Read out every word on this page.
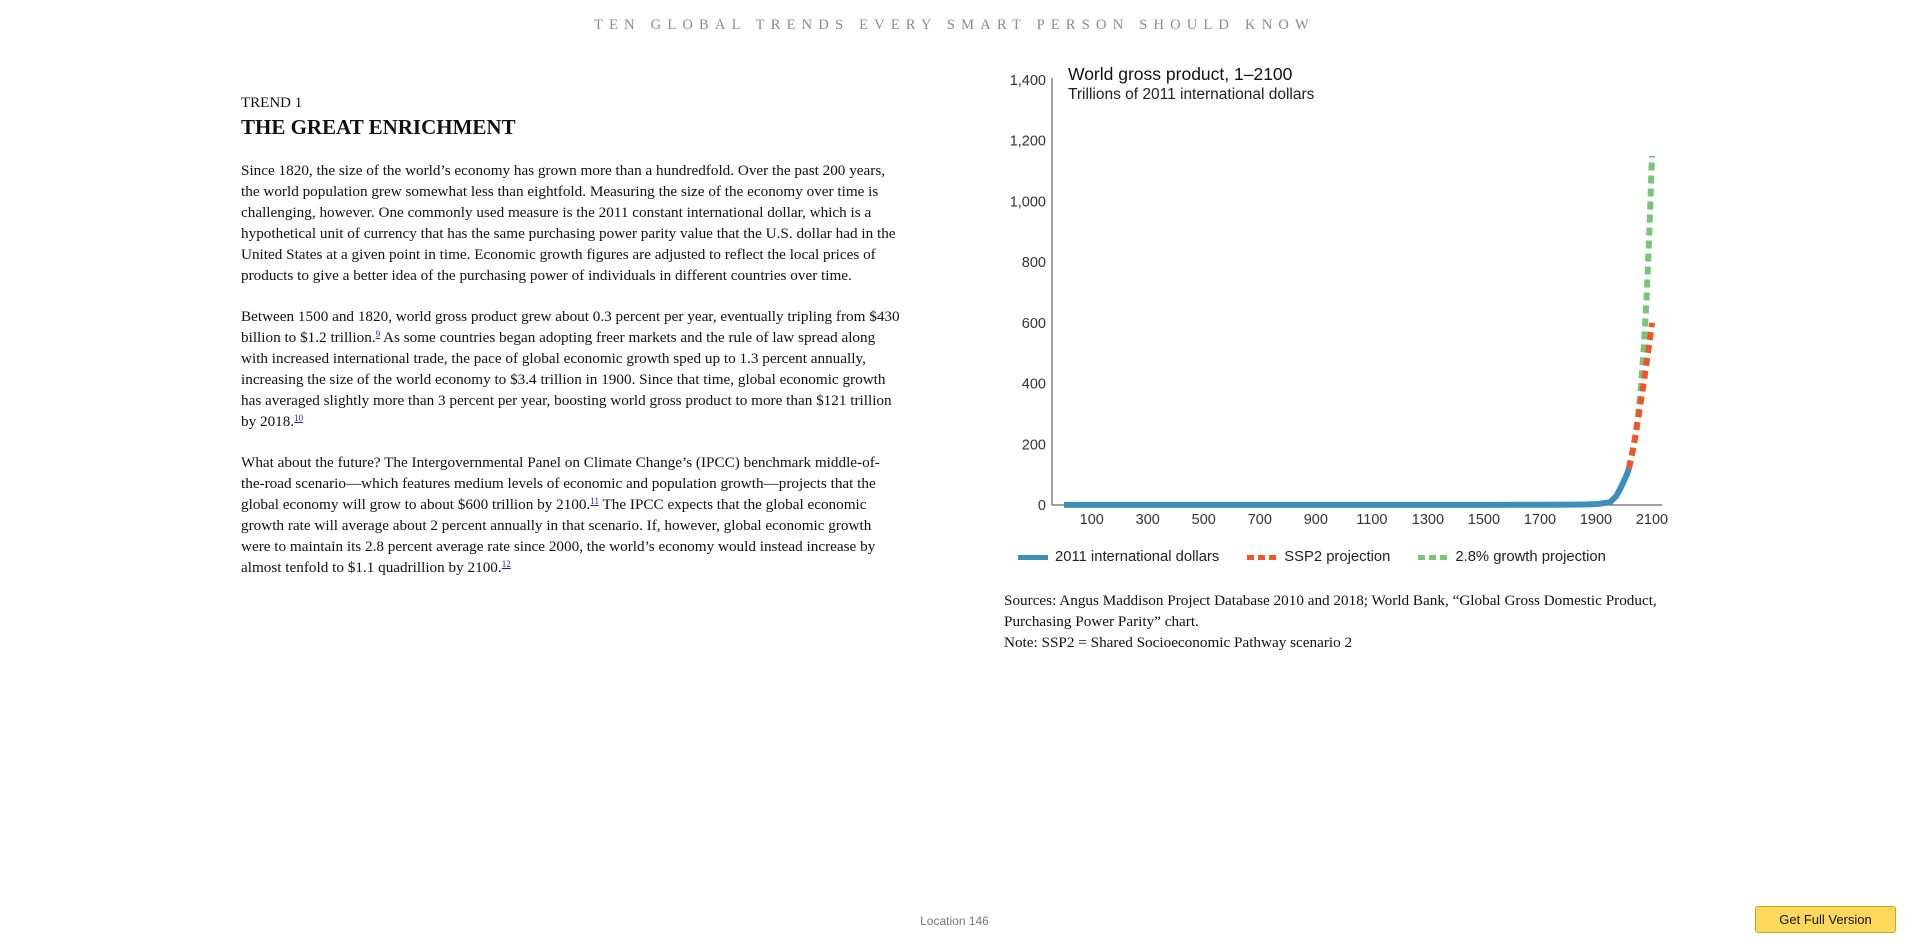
TEN GLOBAL TRENDS EVERY SMART PERSON SHOULD KNOW

TREND 1

THE GREAT ENRICHMENT

Since 1820, the size of the world’s economy has grown more than a hundredfold. Over the past 200 years, the world population grew somewhat less than eightfold. Measuring the size of the economy over time is challenging, however. One commonly used measure is the 2011 constant international dollar, which is a hypothetical unit of currency that has the same purchasing power parity value that the U.S. dollar had in the United States at a given point in time. Economic growth figures are adjusted to reflect the local prices of products to give a better idea of the purchasing power of individuals in different countries over time.

Between 1500 and 1820, world gross product grew about 0.3 percent per year, eventually tripling from $430 billion to $1.2 trillion.$^9$ As some countries began adopting freer markets and the rule of law spread along with increased international trade, the pace of global economic growth sped up to 1.3 percent annually, increasing the size of the world economy to $3.4 trillion in 1900. Since that time, global economic growth has averaged slightly more than 3 percent per year, boosting world gross product to more than $121 trillion by 2018.10

What about the future? The Intergovernmental Panel on Climate Change’s (IPCC) benchmark middle-of-the-road scenario—which features medium levels of economic and population growth—projects that the global economy will grow to about $600 trillion by 2100.11 The IPCC expects that the global economic growth rate will average about 2 percent annually in that scenario. If, however, global economic growth were to maintain its 2.8 percent average rate since 2000, the world’s economy would instead increase by almost tenfold to $1.1 quadrillion by 2100.12

0
200
400
600
800
1,000
1,200
1,400
100 300 500 700 900 1100 1300 1500 1700 1900 2100
World gross product, 1–2100
Trillions of 2011 international dollars
2011 international dollars	SSP2 projection	2.8% growth projection

Sources: Angus Maddison Project Database 2010 and 2018; World Bank, “Global Gross Domestic Product, Purchasing Power Parity” chart.

Note: SSP2 = Shared Socioeconomic Pathway scenario 2

Location 146	Get Full Version
